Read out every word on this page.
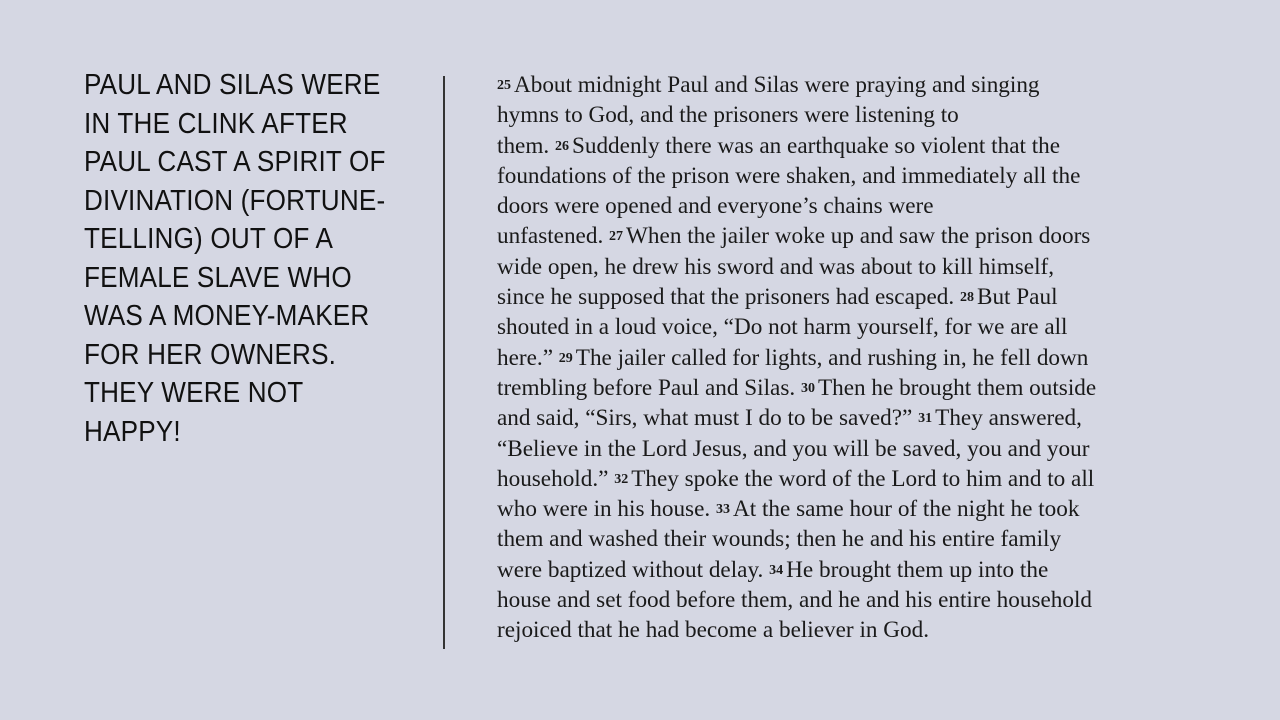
PAUL AND SILAS WERE
IN THE CLINK AFTER
PAUL CAST A SPIRIT OF
DIVINATION (FORTUNE-
TELLING) OUT OF A
FEMALE SLAVE WHO
WAS A MONEY-MAKER
FOR HER OWNERS.
THEY WERE NOT
HAPPY!
$^{25}$ About midnight Paul and Silas were praying and singing
hymns to God, and the prisoners were listening to
them. $^{26}$ Suddenly there was an earthquake so violent that the
foundations of the prison were shaken, and immediately all the
doors were opened and everyone’s chains were
unfastened. $^{27}$ When the jailer woke up and saw the prison doors
wide open, he drew his sword and was about to kill himself,
since he supposed that the prisoners had escaped. $^{28}$ But Paul
shouted in a loud voice, “Do not harm yourself, for we are all
here.” $^{29}$ The jailer called for lights, and rushing in, he fell down
trembling before Paul and Silas. $^{30}$ Then he brought them outside
and said, “Sirs, what must I do to be saved?” $^{31}$ They answered,
“Believe in the Lord Jesus, and you will be saved, you and your
household.” $^{32}$ They spoke the word of the Lord to him and to all
who were in his house. $^{33}$ At the same hour of the night he took
them and washed their wounds; then he and his entire family
were baptized without delay. $^{34}$ He brought them up into the
house and set food before them, and he and his entire household
rejoiced that he had become a believer in God.
